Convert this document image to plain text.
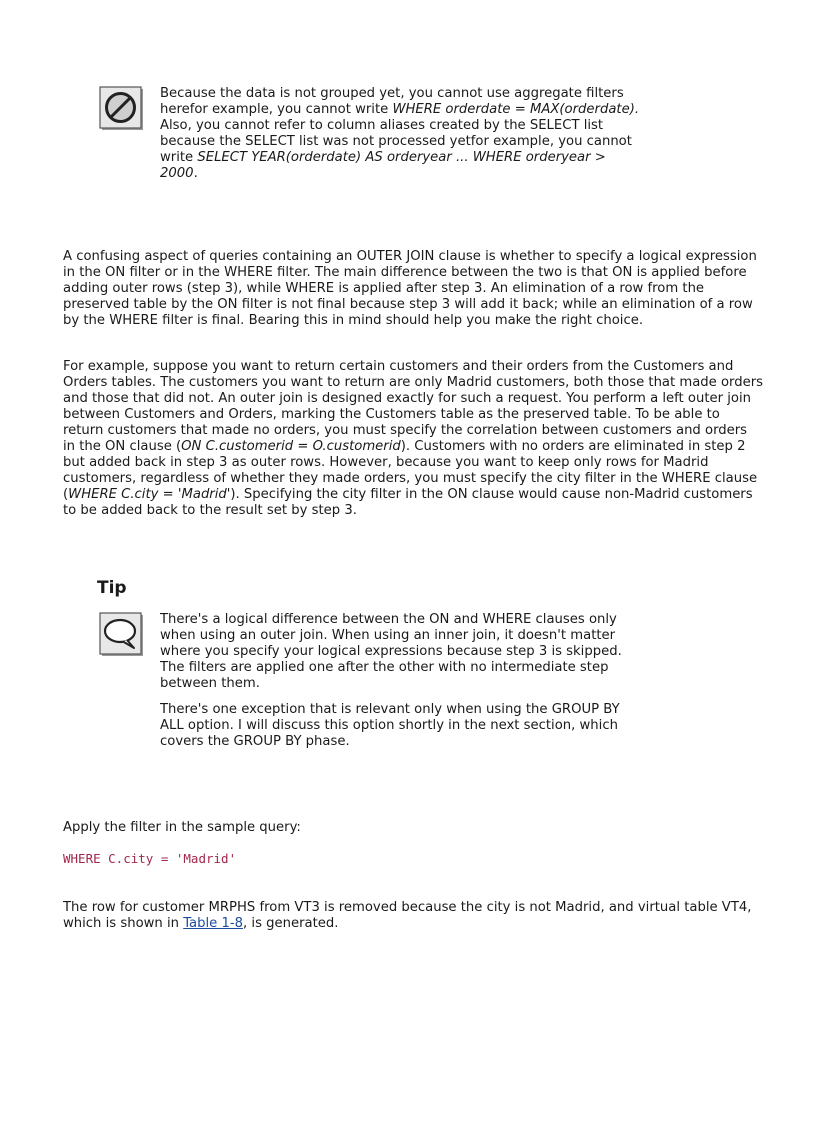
Because the data is not grouped yet, you cannot use aggregate filters

herefor example, you cannot write WHERE orderdate = MAX(orderdate).

Also, you cannot refer to column aliases created by the SELECT list

because the SELECT list was not processed yetfor example, you cannot

write SELECT YEAR(orderdate) AS orderyear ... WHERE orderyear >

2000.

A confusing aspect of queries containing an OUTER JOIN clause is whether to specify a logical expression in the ON filter or in the WHERE filter. The main difference between the two is that ON is applied before adding outer rows (step 3), while WHERE is applied after step 3. An elimination of a row from the preserved table by the ON filter is not final because step 3 will add it back; while an elimination of a row by the WHERE filter is final. Bearing this in mind should help you make the right choice.

For example, suppose you want to return certain customers and their orders from the Customers and Orders tables. The customers you want to return are only Madrid customers, both those that made orders and those that did not. An outer join is designed exactly for such a request. You perform a left outer join between Customers and Orders, marking the Customers table as the preserved table. To be able to return customers that made no orders, you must specify the correlation between customers and orders in the ON clause (ON C.customerid = O.customerid). Customers with no orders are eliminated in step 2 but added back in step 3 as outer rows. However, because you want to keep only rows for Madrid customers, regardless of whether they made orders, you must specify the city filter in the WHERE clause (WHERE C.city = 'Madrid'). Specifying the city filter in the ON clause would cause non-Madrid customers to be added back to the result set by step 3.

Tip

There's a logical difference between the ON and WHERE clauses only when using an outer join. When using an inner join, it doesn't matter where you specify your logical expressions because step 3 is skipped. The filters are applied one after the other with no intermediate step between them.

There's one exception that is relevant only when using the GROUP BY ALL option. I will discuss this option shortly in the next section, which covers the GROUP BY phase.

Apply the filter in the sample query:

WHERE C.city = 'Madrid'

The row for customer MRPHS from VT3 is removed because the city is not Madrid, and virtual table VT4, which is shown in Table 1-8, is generated.
